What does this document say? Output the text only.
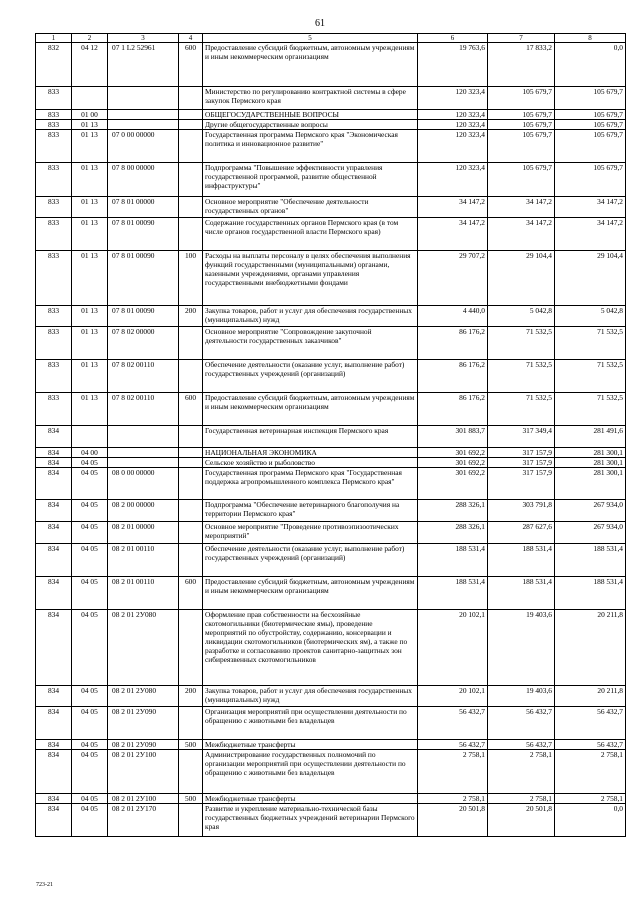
61
1	2	3	4	5	6	7	8
832	04 12	07 1 L2 52961	600	Предоставление субсидий бюджетным, автономным учреждениям и иным некоммерческим организациям	19 763,6	17 833,2	0,0
833				Министерство по регулированию контрактной системы в сфере закупок Пермского края	120 323,4	105 679,7	105 679,7
833	01 00			ОБЩЕГОСУДАРСТВЕННЫЕ ВОПРОСЫ	120 323,4	105 679,7	105 679,7
833	01 13			Другие общегосударственные вопросы	120 323,4	105 679,7	105 679,7
833	01 13	07 0 00 00000		Государственная программа Пермского края "Экономическая политика и инновационное развитие"	120 323,4	105 679,7	105 679,7
833	01 13	07 8 00 00000		Подпрограмма "Повышение эффективности управления государственной программой, развитие общественной инфраструктуры"	120 323,4	105 679,7	105 679,7
833	01 13	07 8 01 00000		Основное мероприятие "Обеспечение деятельности государственных органов"	34 147,2	34 147,2	34 147,2
833	01 13	07 8 01 00090		Содержание государственных органов Пермского края (в том числе органов государственной власти Пермского края)	34 147,2	34 147,2	34 147,2
833	01 13	07 8 01 00090	100	Расходы на выплаты персоналу в целях обеспечения выполнения функций государственными (муниципальными) органами, казенными учреждениями, органами управления государственными внебюджетными фондами	29 707,2	29 104,4	29 104,4
833	01 13	07 8 01 00090	200	Закупка товаров, работ и услуг для обеспечения государственных (муниципальных) нужд	4 440,0	5 042,8	5 042,8
833	01 13	07 8 02 00000		Основное мероприятие "Сопровождение закупочной деятельности государственных заказчиков"	86 176,2	71 532,5	71 532,5
833	01 13	07 8 02 00110		Обеспечение деятельности (оказание услуг, выполнение работ) государственных учреждений (организаций)	86 176,2	71 532,5	71 532,5
833	01 13	07 8 02 00110	600	Предоставление субсидий бюджетным, автономным учреждениям и иным некоммерческим организациям	86 176,2	71 532,5	71 532,5
834				Государственная ветеринарная инспекция Пермского края	301 883,7	317 349,4	281 491,6
834	04 00			НАЦИОНАЛЬНАЯ ЭКОНОМИКА	301 692,2	317 157,9	281 300,1
834	04 05			Сельское хозяйство и рыболовство	301 692,2	317 157,9	281 300,1
834	04 05	08 0 00 00000		Государственная программа Пермского края "Государственная поддержка агропромышленного комплекса Пермского края"	301 692,2	317 157,9	281 300,1
834	04 05	08 2 00 00000		Подпрограмма "Обеспечение ветеринарного благополучия на территории Пермского края"	288 326,1	303 791,8	267 934,0
834	04 05	08 2 01 00000		Основное мероприятие "Проведение противоэпизоотических мероприятий"	288 326,1	287 627,6	267 934,0
834	04 05	08 2 01 00110		Обеспечение деятельности (оказание услуг, выполнение работ) государственных учреждений (организаций)	188 531,4	188 531,4	188 531,4
834	04 05	08 2 01 00110	600	Предоставление субсидий бюджетным, автономным учреждениям и иным некоммерческим организациям	188 531,4	188 531,4	188 531,4
834	04 05	08 2 01 2У080		Оформление прав собственности на бесхозяйные скотомогильники (биотермические ямы), проведение мероприятий по обустройству, содержанию, консервации и ликвидации скотомогильников (биотермических ям), а также по разработке и согласованию проектов санитарно-защитных зон сибиреязвенных скотомогильников	20 102,1	19 403,6	20 211,8
834	04 05	08 2 01 2У080	200	Закупка товаров, работ и услуг для обеспечения государственных (муниципальных) нужд	20 102,1	19 403,6	20 211,8
834	04 05	08 2 01 2У090		Организация мероприятий при осуществлении деятельности по обращению с животными без владельцев	56 432,7	56 432,7	56 432,7
834	04 05	08 2 01 2У090	500	Межбюджетные трансферты	56 432,7	56 432,7	56 432,7
834	04 05	08 2 01 2У100		Администрирование государственных полномочий по организации мероприятий при осуществлении деятельности по обращению с животными без владельцев	2 758,1	2 758,1	2 758,1
834	04 05	08 2 01 2У100	500	Межбюджетные трансферты	2 758,1	2 758,1	2 758,1
834	04 05	08 2 01 2У170		Развитие и укрепление материально-технической базы государственных бюджетных учреждений ветеринарии Пермского края	20 501,8	20 501,8	0,0
723-21
